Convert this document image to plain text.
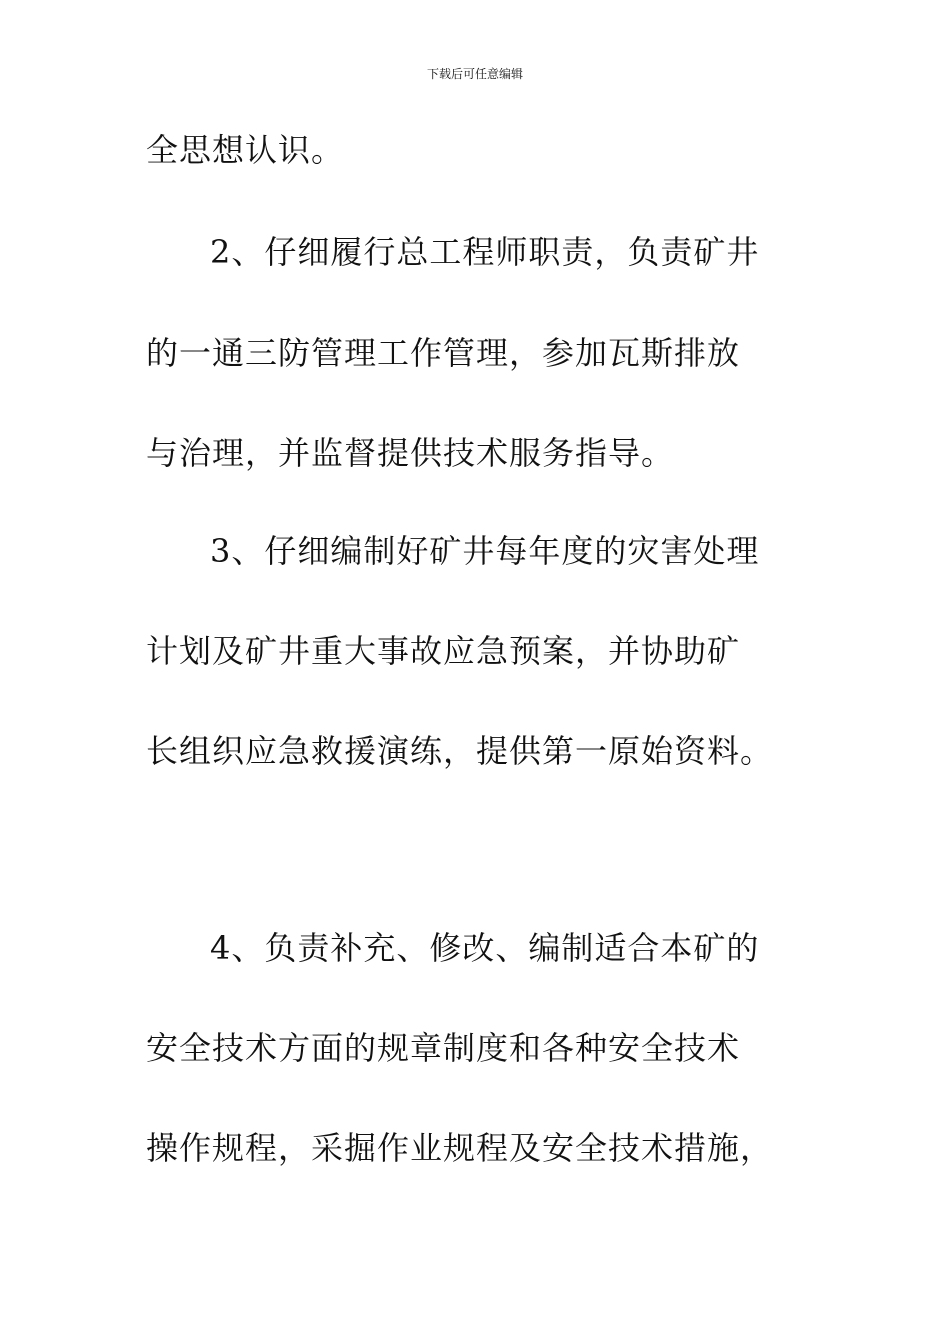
下载后可任意编辑
全思想认识。
2、仔细履行总工程师职责，负责矿井
的一通三防管理工作管理，参加瓦斯排放
与治理，并监督提供技术服务指导。
3、仔细编制好矿井每年度的灾害处理
计划及矿井重大事故应急预案，并协助矿
长组织应急救援演练，提供第一原始资料。
4、负责补充、修改、编制适合本矿的
安全技术方面的规章制度和各种安全技术
操作规程，采掘作业规程及安全技术措施，
